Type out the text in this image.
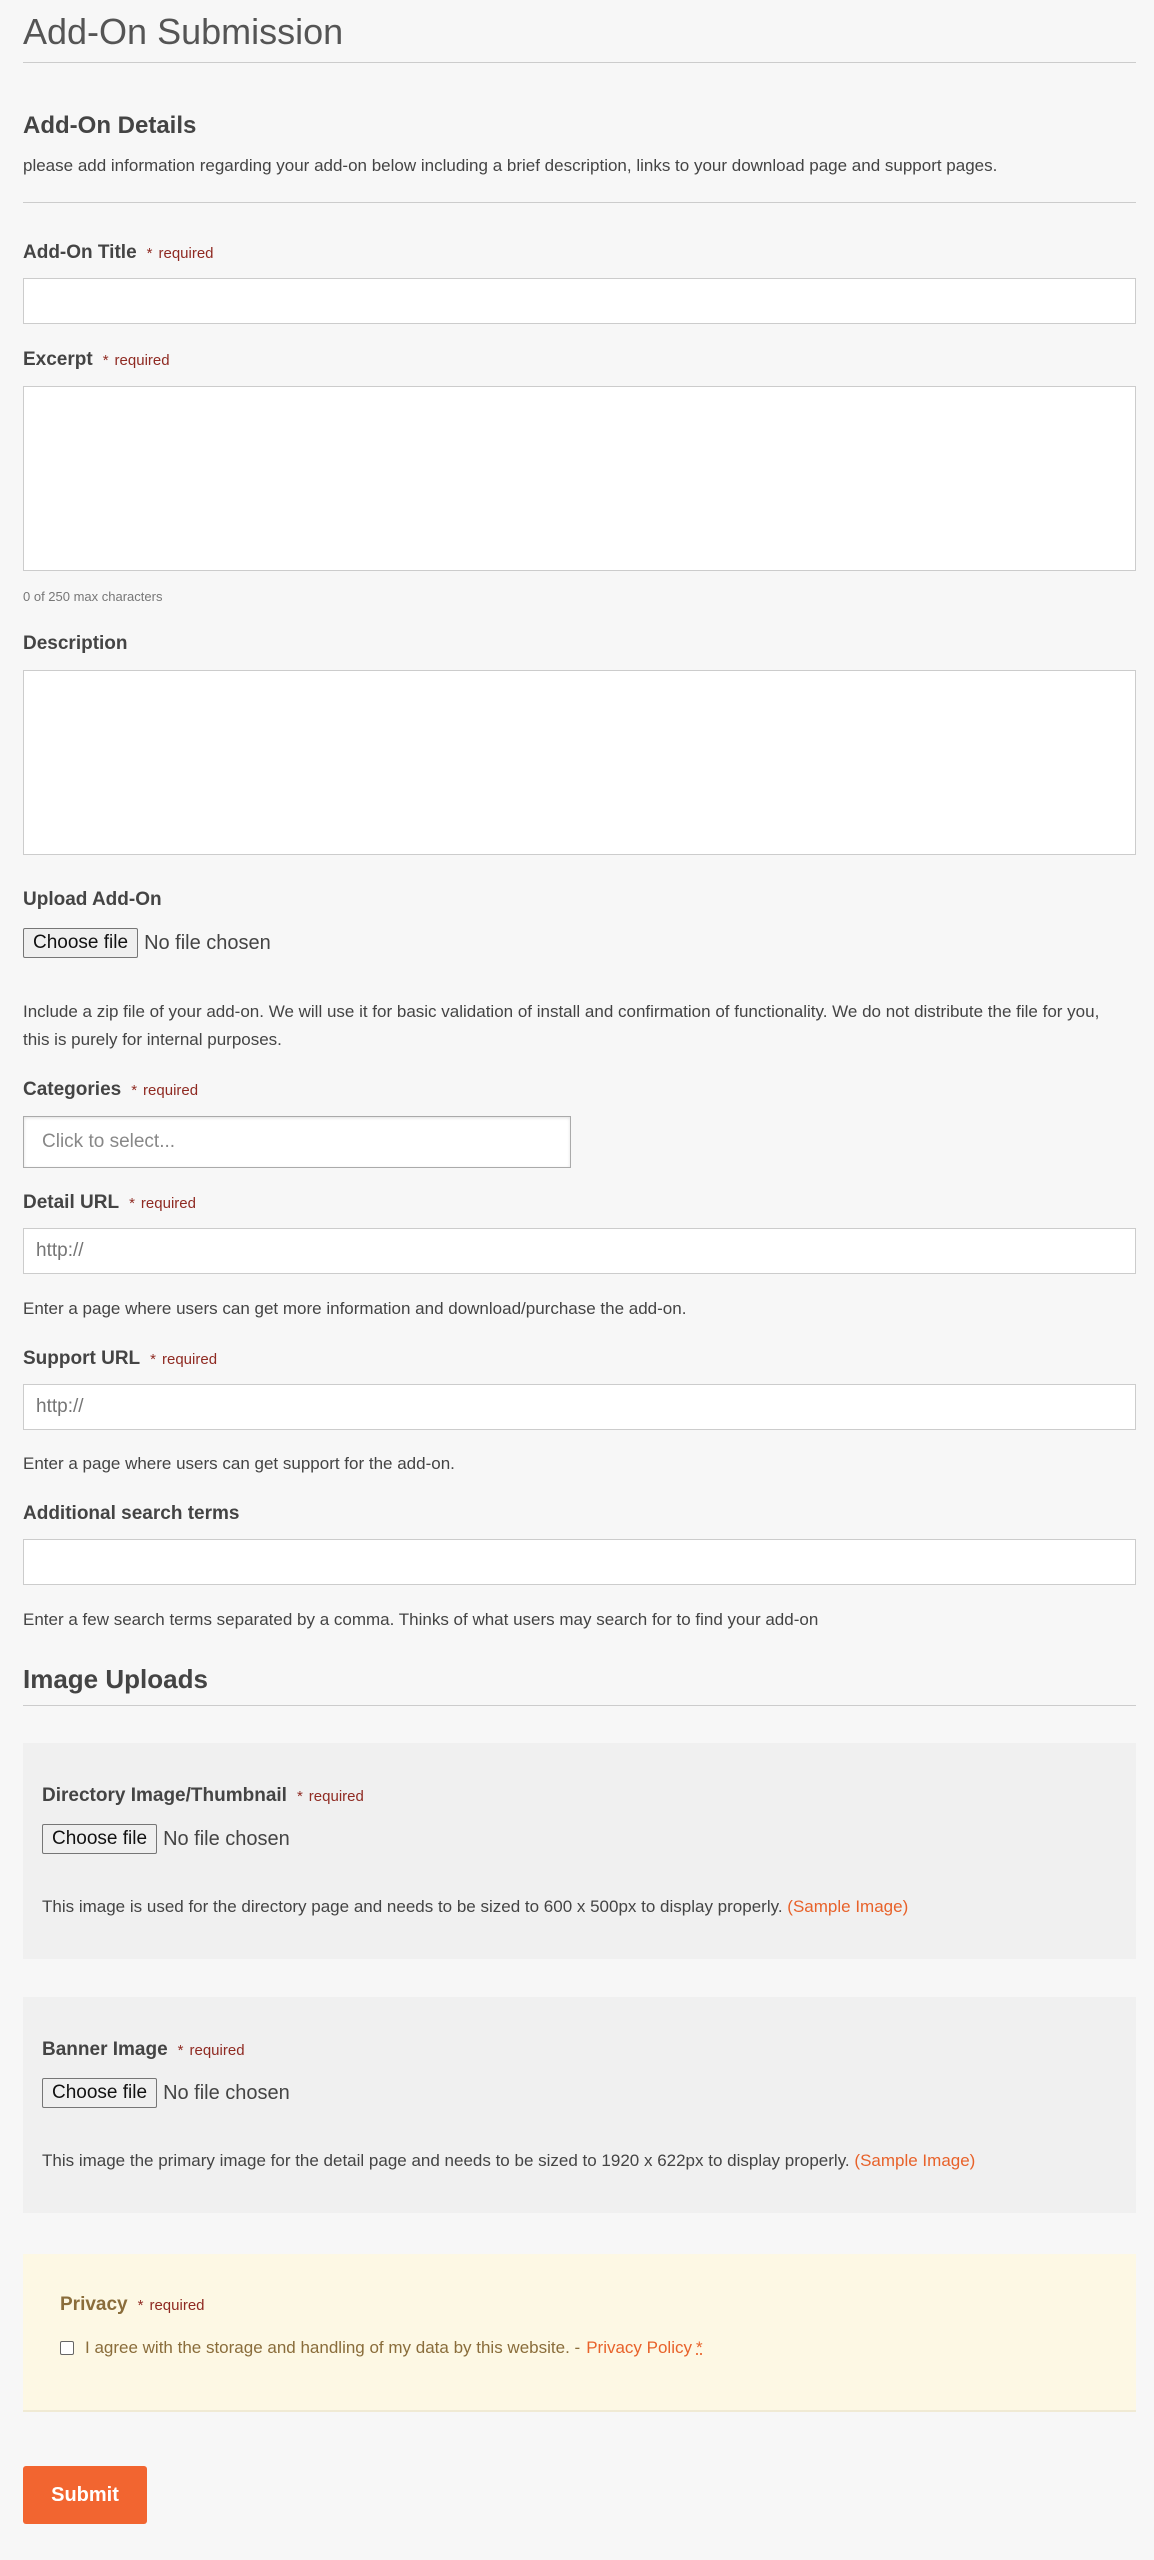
Add-On Submission
Add-On Details

please add information regarding your add-on below including a brief description, links to your download page and support pages.

Add-On Title * required
Excerpt * required
0 of 250 max characters
Description
Upload Add-On
Choose file No file chosen

Include a zip file of your add-on. We will use it for basic validation of install and confirmation of functionality. We do not distribute the file for you, this is purely for internal purposes.

Categories * required
Click to select...
Detail URL * required
http://

Enter a page where users can get more information and download/purchase the add-on.

Support URL * required
http://

Enter a page where users can get support for the add-on.

Additional search terms

Enter a few search terms separated by a comma. Thinks of what users may search for to find your add-on

Image Uploads
Directory Image/Thumbnail * required
Choose file No file chosen

This image is used for the directory page and needs to be sized to 600 x 500px to display properly. (Sample Image)

Banner Image * required
Choose file No file chosen

This image the primary image for the detail page and needs to be sized to 1920 x 622px to display properly. (Sample Image)

Privacy * required
I agree with the storage and handling of my data by this website. - Privacy Policy *
Submit
